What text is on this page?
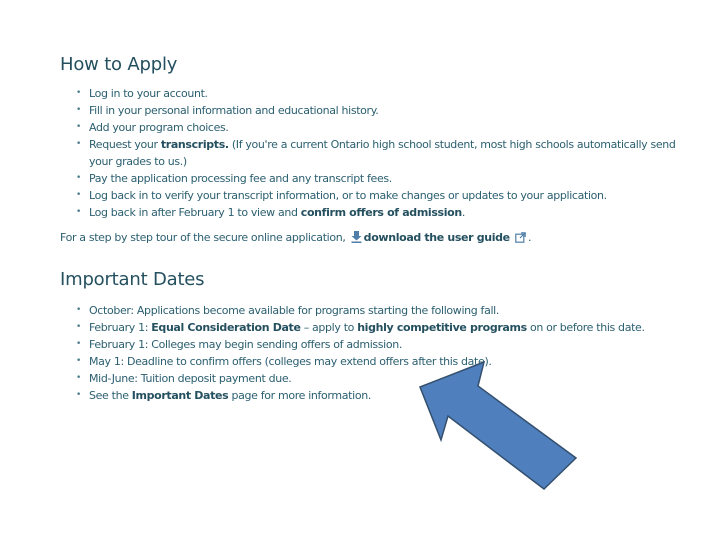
How to Apply
• Log in to your account.
• Fill in your personal information and educational history.
• Add your program choices.
• Request your transcripts. (If you're a current Ontario high school student, most high schools automatically send your grades to us.)
• Pay the application processing fee and any transcript fees.
• Log back in to verify your transcript information, or to make changes or updates to your application.
• Log back in after February 1 to view and confirm offers of admission.

For a step by step tour of the secure online application, download the user guide .

Important Dates
• October: Applications become available for programs starting the following fall.
• February 1: Equal Consideration Date – apply to highly competitive programs on or before this date.
• February 1: Colleges may begin sending offers of admission.
• May 1: Deadline to confirm offers (colleges may extend offers after this date).
• Mid-June: Tuition deposit payment due.
• See the Important Dates page for more information.
